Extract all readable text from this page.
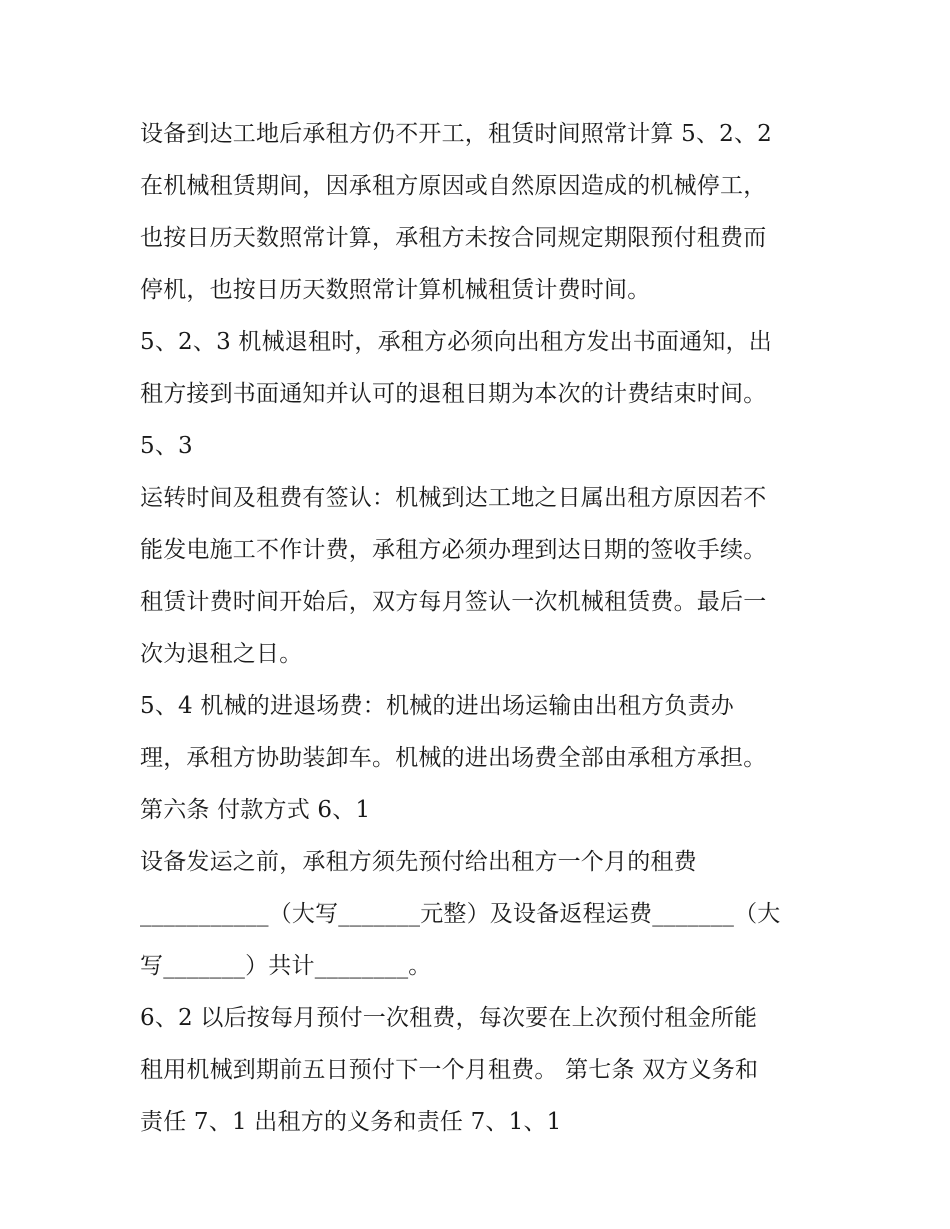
设备到达工地后承租方仍不开工，租赁时间照常计算 5、2、2
在机械租赁期间，因承租方原因或自然原因造成的机械停工，
也按日历天数照常计算，承租方未按合同规定期限预付租费而
停机，也按日历天数照常计算机械租赁计费时间。
5、2、3 机械退租时，承租方必须向出租方发出书面通知，出
租方接到书面通知并认可的退租日期为本次的计费结束时间。
5、3
运转时间及租费有签认：机械到达工地之日属出租方原因若不
能发电施工不作计费，承租方必须办理到达日期的签收手续。
租赁计费时间开始后，双方每月签认一次机械租赁费。最后一
次为退租之日。
5、4 机械的进退场费：机械的进出场运输由出租方负责办
理，承租方协助装卸车。机械的进出场费全部由承租方承担。
第六条 付款方式 6、1
设备发运之前，承租方须先预付给出租方一个月的租费
___________（大写_______元整）及设备返程运费_______（大
写_______）共计________。
6、2 以后按每月预付一次租费，每次要在上次预付租金所能
租用机械到期前五日预付下一个月租费。 第七条 双方义务和
责任 7、1 出租方的义务和责任 7、1、1
